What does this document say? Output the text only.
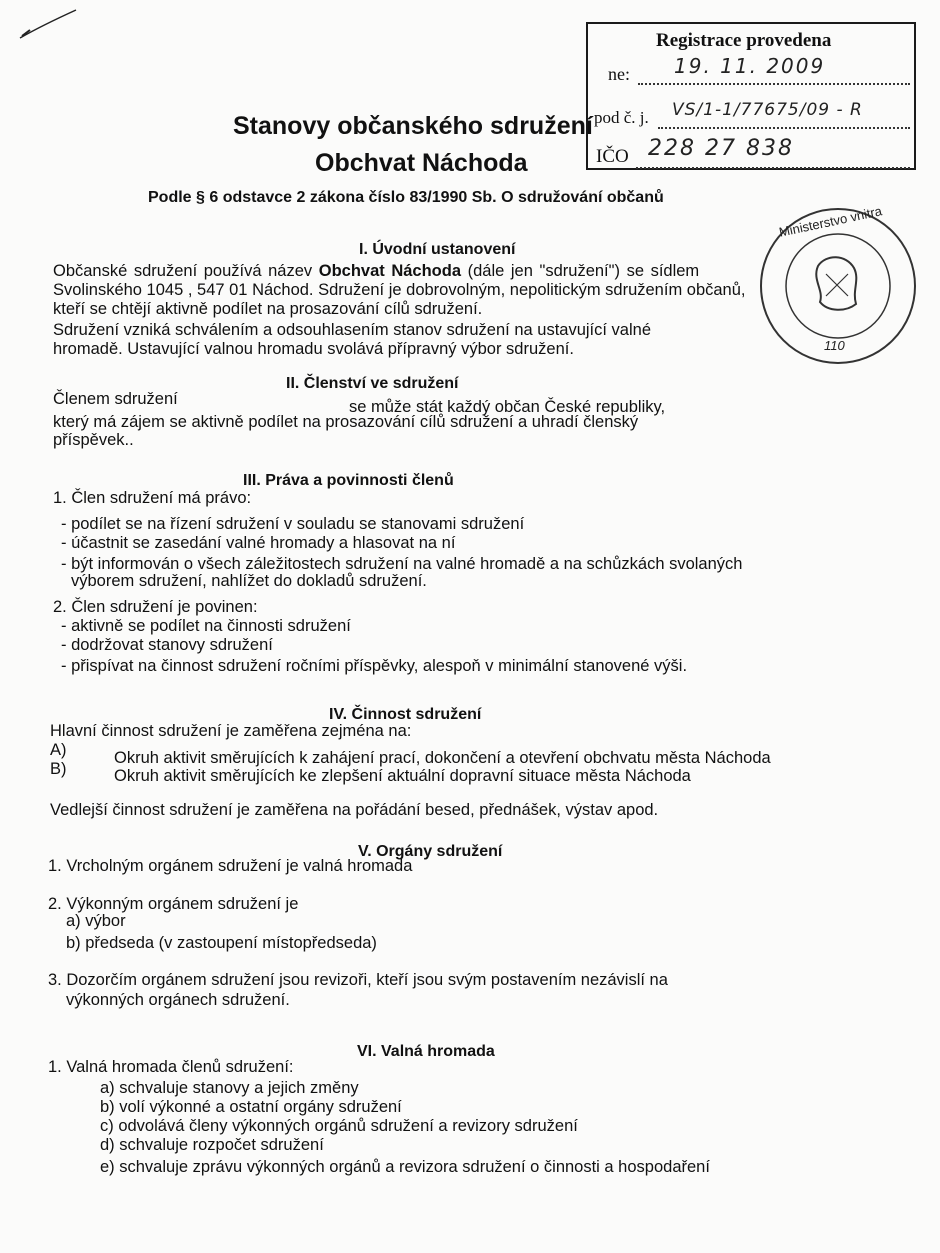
Registrace provedena
ne: 19. 11. 2009
pod č. j. VS/1-1/77675/09 - R
IČO 228 27 838
Ministerstvo vnitra
110
Stanovy občanského sdružení
Obchvat Náchoda
Podle § 6 odstavce 2 zákona číslo 83/1990 Sb. O sdružování občanů
I. Úvodní ustanovení
Občanské sdružení používá název Obchvat Náchoda (dále jen "sdružení") se sídlem
Svolinského 1045 , 547 01 Náchod. Sdružení je dobrovolným, nepolitickým sdružením občanů,
kteří se chtějí aktivně podílet na prosazování cílů sdružení.
Sdružení vzniká schválením a odsouhlasením stanov sdružení na ustavující valné
hromadě. Ustavující valnou hromadu svolává přípravný výbor sdružení.
II. Členství ve sdružení
Členem sdružení	se může stát každý občan České republiky,
který má zájem se aktivně podílet na prosazování cílů sdružení a uhradí členský
příspěvek..
III. Práva a povinnosti členů
1. Člen sdružení má právo:
- podílet se na řízení sdružení v souladu se stanovami sdružení
- účastnit se zasedání valné hromady a hlasovat na ní
- být informován o všech záležitostech sdružení na valné hromadě a na schůzkách svolaných
výborem sdružení, nahlížet do dokladů sdružení.
2. Člen sdružení je povinen:
- aktivně se podílet na činnosti sdružení
- dodržovat stanovy sdružení
- přispívat na činnost sdružení ročními příspěvky, alespoň v minimální stanovené výši.
IV. Činnost sdružení
Hlavní činnost sdružení je zaměřena zejména na:
A)	Okruh aktivit směrujících k zahájení prací, dokončení a otevření obchvatu města Náchoda
B)	Okruh aktivit směrujících ke zlepšení aktuální dopravní situace města Náchoda
Vedlejší činnost sdružení je zaměřena na pořádání besed, přednášek, výstav apod.
V. Orgány sdružení
1. Vrcholným orgánem sdružení je valná hromada
2. Výkonným orgánem sdružení je
a) výbor
b) předseda (v zastoupení místopředseda)
3. Dozorčím orgánem sdružení jsou revizoři, kteří jsou svým postavením nezávislí na
výkonných orgánech sdružení.
VI. Valná hromada
1. Valná hromada členů sdružení:
a) schvaluje stanovy a jejich změny
b) volí výkonné a ostatní orgány sdružení
c) odvolává členy výkonných orgánů sdružení a revizory sdružení
d) schvaluje rozpočet sdružení
e) schvaluje zprávu výkonných orgánů a revizora sdružení o činnosti a hospodaření
